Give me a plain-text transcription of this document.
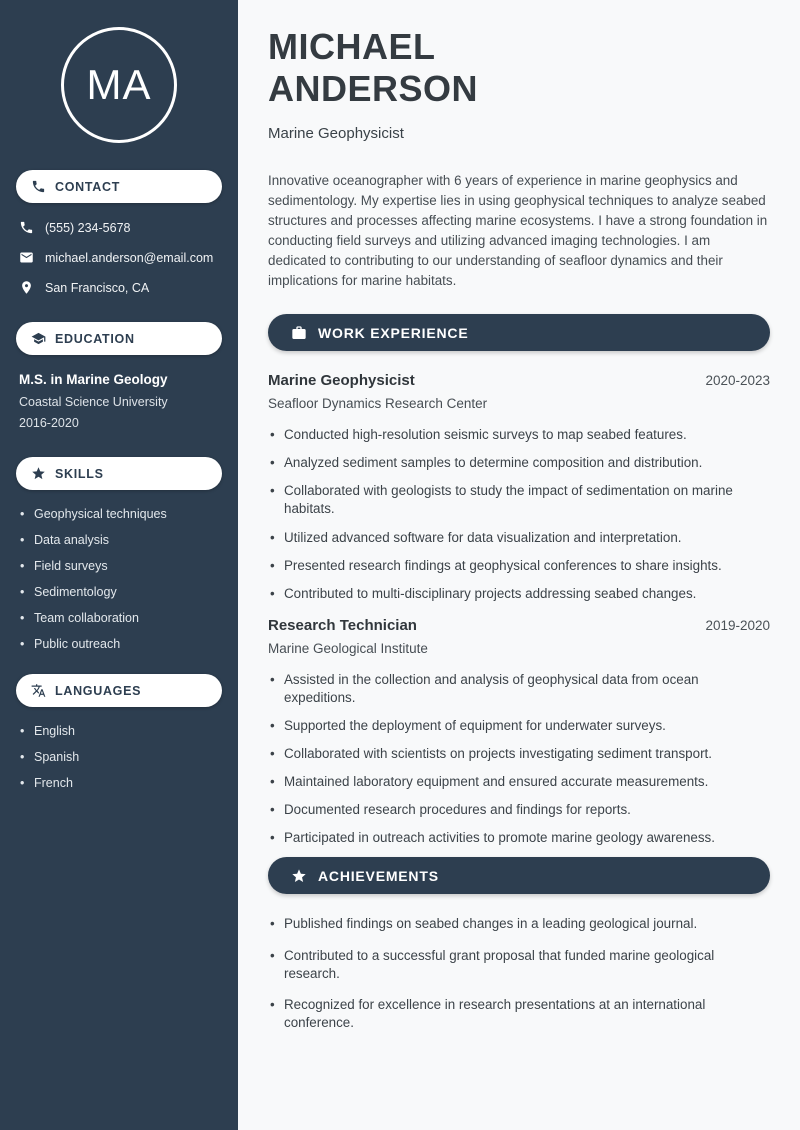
MA
CONTACT
(555) 234-5678
michael.anderson@email.com
San Francisco, CA
EDUCATION
M.S. in Marine Geology
Coastal Science University
2016-2020
SKILLS
• Geophysical techniques
• Data analysis
• Field surveys
• Sedimentology
• Team collaboration
• Public outreach
LANGUAGES
• English
• Spanish
• French
MICHAEL
ANDERSON
Marine Geophysicist

Innovative oceanographer with 6 years of experience in marine geophysics and sedimentology. My expertise lies in using geophysical techniques to analyze seabed structures and processes affecting marine ecosystems. I have a strong foundation in conducting field surveys and utilizing advanced imaging technologies. I am dedicated to contributing to our understanding of seafloor dynamics and their implications for marine habitats.

WORK EXPERIENCE
Marine Geophysicist	2020-2023
Seafloor Dynamics Research Center
• Conducted high-resolution seismic surveys to map seabed features.
• Analyzed sediment samples to determine composition and distribution.
• Collaborated with geologists to study the impact of sedimentation on marine habitats.
• Utilized advanced software for data visualization and interpretation.
• Presented research findings at geophysical conferences to share insights.
• Contributed to multi-disciplinary projects addressing seabed changes.
Research Technician	2019-2020
Marine Geological Institute
• Assisted in the collection and analysis of geophysical data from ocean expeditions.
• Supported the deployment of equipment for underwater surveys.
• Collaborated with scientists on projects investigating sediment transport.
• Maintained laboratory equipment and ensured accurate measurements.
• Documented research procedures and findings for reports.
• Participated in outreach activities to promote marine geology awareness.
ACHIEVEMENTS
• Published findings on seabed changes in a leading geological journal.
• Contributed to a successful grant proposal that funded marine geological research.
• Recognized for excellence in research presentations at an international conference.
